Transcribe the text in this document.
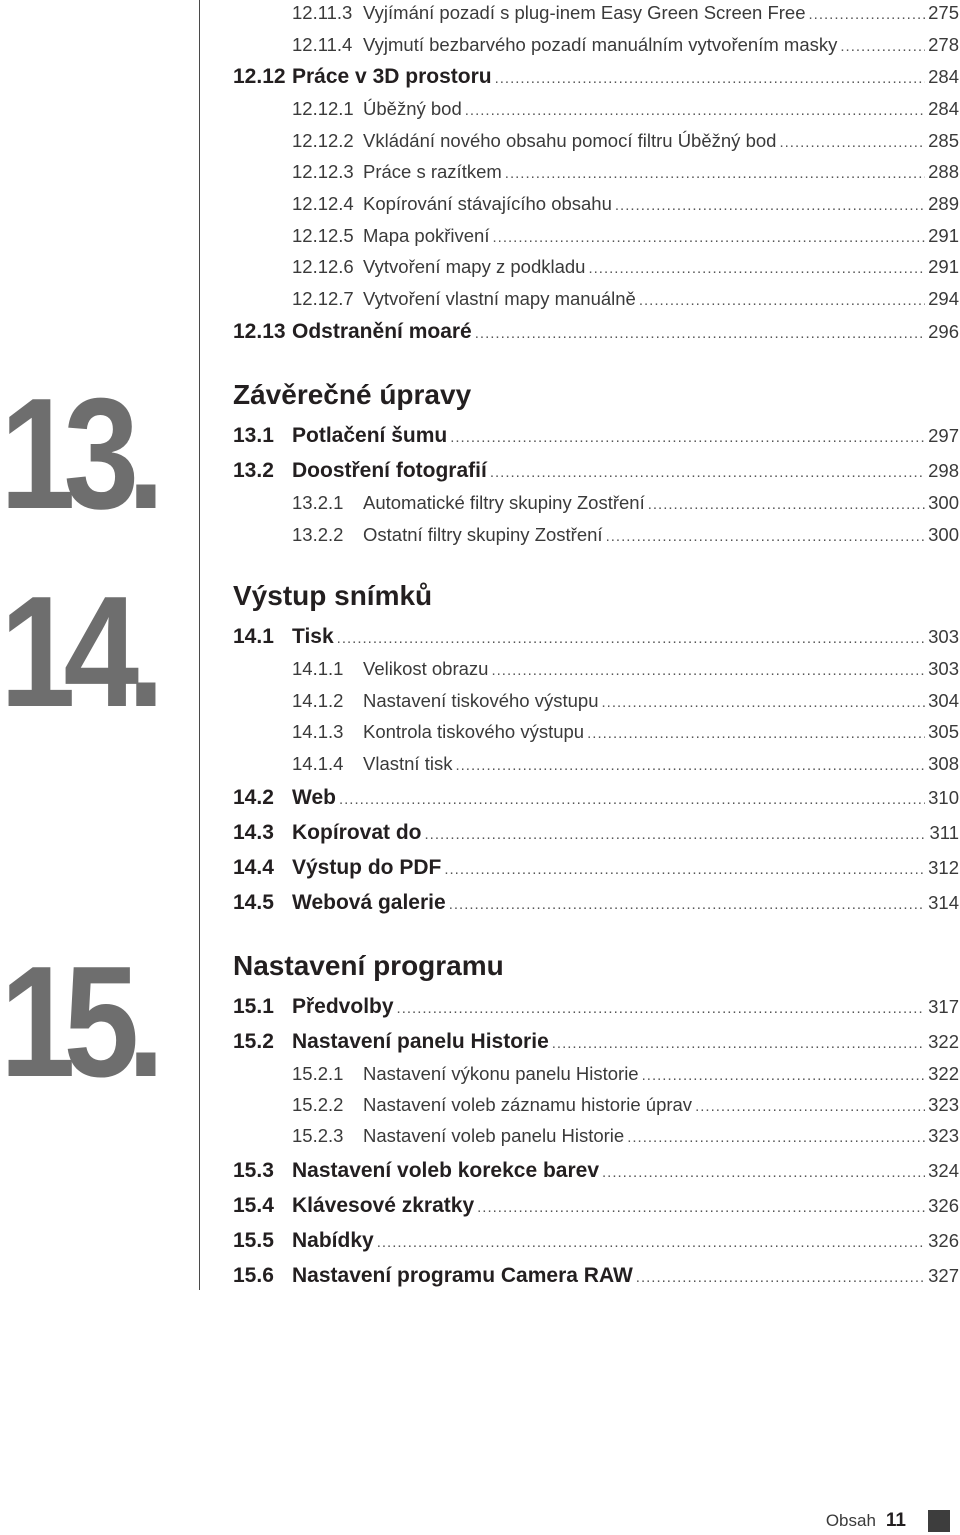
13.
14.
15.
12.11.3 Vyjímání pozadí s plug-inem Easy Green Screen Free .....	275
12.11.4 Vyjmutí bezbarvého pozadí manuálním vytvořením masky .....	278
12.12 Práce v 3D prostoru .....	284
12.12.1 Úběžný bod .....	284
12.12.2 Vkládání nového obsahu pomocí filtru Úběžný bod .....	285
12.12.3 Práce s razítkem .....	288
12.12.4 Kopírování stávajícího obsahu .....	289
12.12.5 Mapa pokřivení .....	291
12.12.6 Vytvoření mapy z podkladu .....	291
12.12.7 Vytvoření vlastní mapy manuálně .....	294
12.13 Odstranění moaré .....	296
Závěrečné úpravy
13.1 Potlačení šumu .....	297
13.2 Doostření fotografií .....	298
13.2.1	Automatické filtry skupiny Zostření .....	300
13.2.2	Ostatní filtry skupiny Zostření .....	300
Výstup snímků
14.1 Tisk .....	303
14.1.1	Velikost obrazu .....	303
14.1.2	Nastavení tiskového výstupu .....	304
14.1.3	Kontrola tiskového výstupu .....	305
14.1.4	Vlastní tisk .....	308
14.2 Web .....	310
14.3 Kopírovat do .....	311
14.4 Výstup do PDF .....	312
14.5 Webová galerie .....	314
Nastavení programu
15.1 Předvolby .....	317
15.2 Nastavení panelu Historie .....	322
15.2.1	Nastavení výkonu panelu Historie .....	322
15.2.2	Nastavení voleb záznamu historie úprav .....	323
15.2.3	Nastavení voleb panelu Historie .....	323
15.3 Nastavení voleb korekce barev .....	324
15.4 Klávesové zkratky .....	326
15.5 Nabídky .....	326
15.6 Nastavení programu Camera RAW .....	327
Obsah 11
